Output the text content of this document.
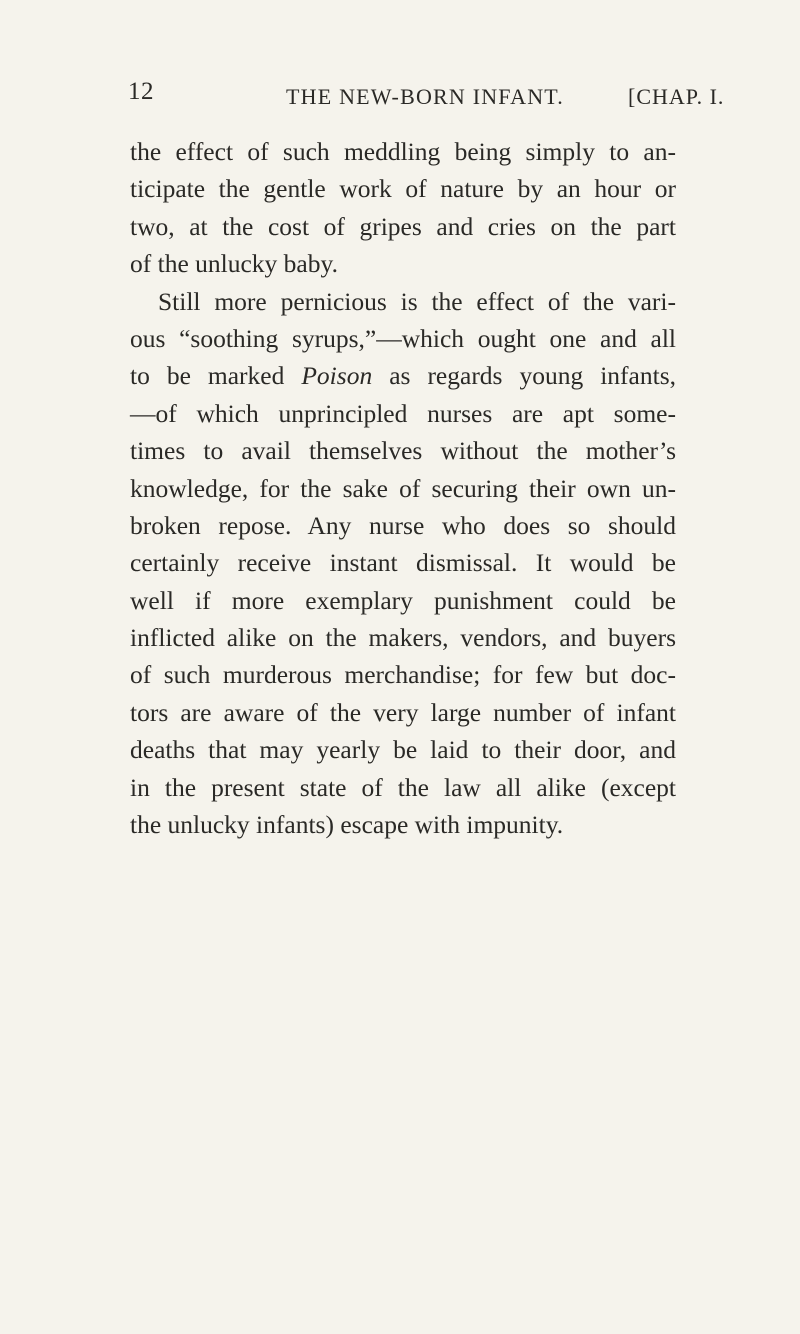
12	THE NEW-BORN INFANT.	[CHAP. I.
the effect of such meddling being simply to an-
ticipate the gentle work of nature by an hour or
two, at the cost of gripes and cries on the part
of the unlucky baby.
Still more pernicious is the effect of the vari-
ous “soothing syrups,”—which ought one and all
to be marked Poison as regards young infants,
—of which unprincipled nurses are apt some-
times to avail themselves without the mother’s
knowledge, for the sake of securing their own un-
broken repose. Any nurse who does so should
certainly receive instant dismissal. It would be
well if more exemplary punishment could be
inflicted alike on the makers, vendors, and buyers
of such murderous merchandise; for few but doc-
tors are aware of the very large number of infant
deaths that may yearly be laid to their door, and
in the present state of the law all alike (except
the unlucky infants) escape with impunity.
